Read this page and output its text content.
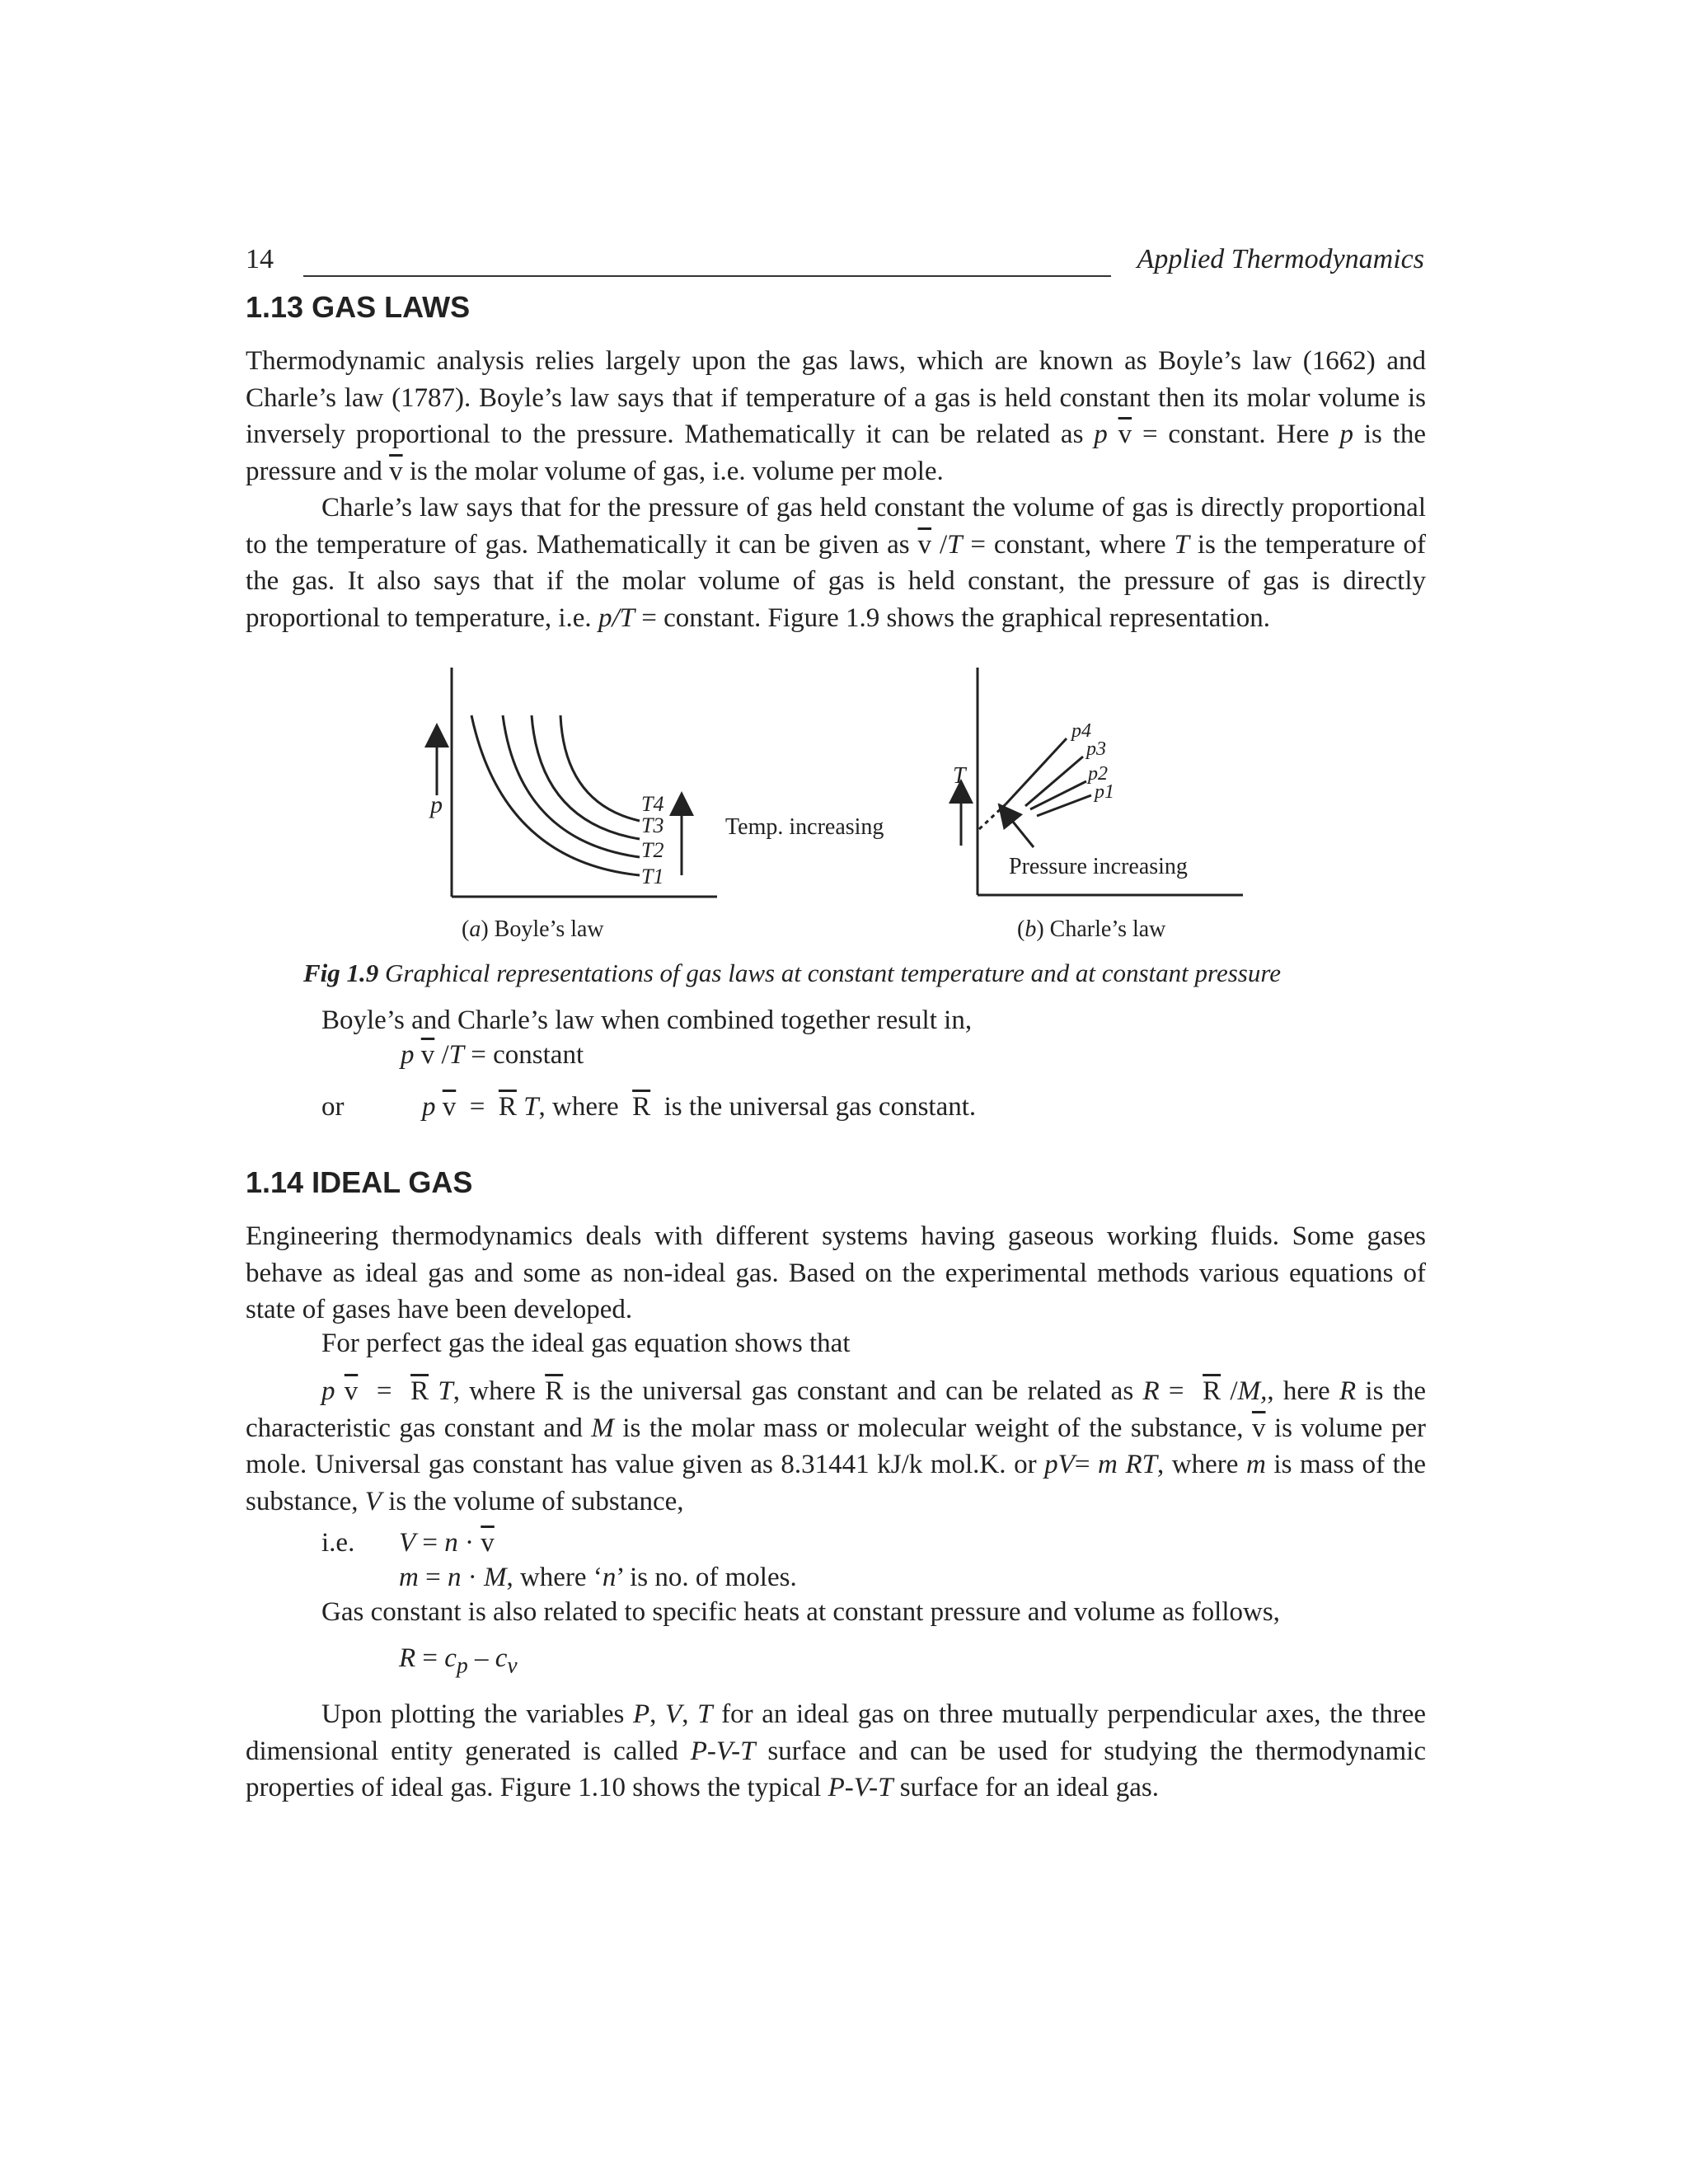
14	Applied Thermodynamics
1.13 GAS LAWS

Thermodynamic analysis relies largely upon the gas laws, which are known as Boyle’s law (1662) and Charle’s law (1787). Boyle’s law says that if temperature of a gas is held constant then its molar volume is inversely proportional to the pressure. Mathematically it can be related as p $\overline{v}$ = constant. Here p is the pressure and $\overline{v}$ is the molar volume of gas, i.e. volume per mole.

Charle’s law says that for the pressure of gas held constant the volume of gas is directly proportional to the temperature of gas. Mathematically it can be given as $\overline{v}$ /T = constant, where T is the temperature of the gas. It also says that if the molar volume of gas is held constant, the pressure of gas is directly proportional to temperature, i.e. p/T = constant. Figure 1.9 shows the graphical representation.

p	T4
T3
T2
T1
Temp. increasing
(a) Boyle’s law
T
p4
p3
p2
p1
Pressure increasing
(b) Charle’s law
Fig 1.9 Graphical representations of gas laws at constant temperature and at constant pressure
Boyle’s and Charle’s law when combined together result in,
p $\overline{v}$ /T = constant
or	p $\overline{v} = \overline{R}$ T, where $\overline{R}$ is the universal gas constant.
1.14 IDEAL GAS

Engineering thermodynamics deals with different systems having gaseous working fluids. Some gases behave as ideal gas and some as non-ideal gas. Based on the experimental methods various equations of state of gases have been developed.

For perfect gas the ideal gas equation shows that

p $\overline{v} = \overline{R}$ T, where $\overline{R}$ is the universal gas constant and can be related as $R = \overline{R}$ /M,, here R is the characteristic gas constant and M is the molar mass or molecular weight of the substance, $\overline{v}$ is volume per mole. Universal gas constant has value given as 8.31441 kJ/k mol.K. or pV= m RT, where m is mass of the substance, V is the volume of substance,

i.e. $V = n \cdot \overline{v}$
m = n · M, where ‘n’ is no. of moles.
Gas constant is also related to specific heats at constant pressure and volume as follows,
$R = c_p - c_v$

Upon plotting the variables P, V, T for an ideal gas on three mutually perpendicular axes, the three dimensional entity generated is called P-V-T surface and can be used for studying the thermodynamic properties of ideal gas. Figure 1.10 shows the typical P-V-T surface for an ideal gas.
